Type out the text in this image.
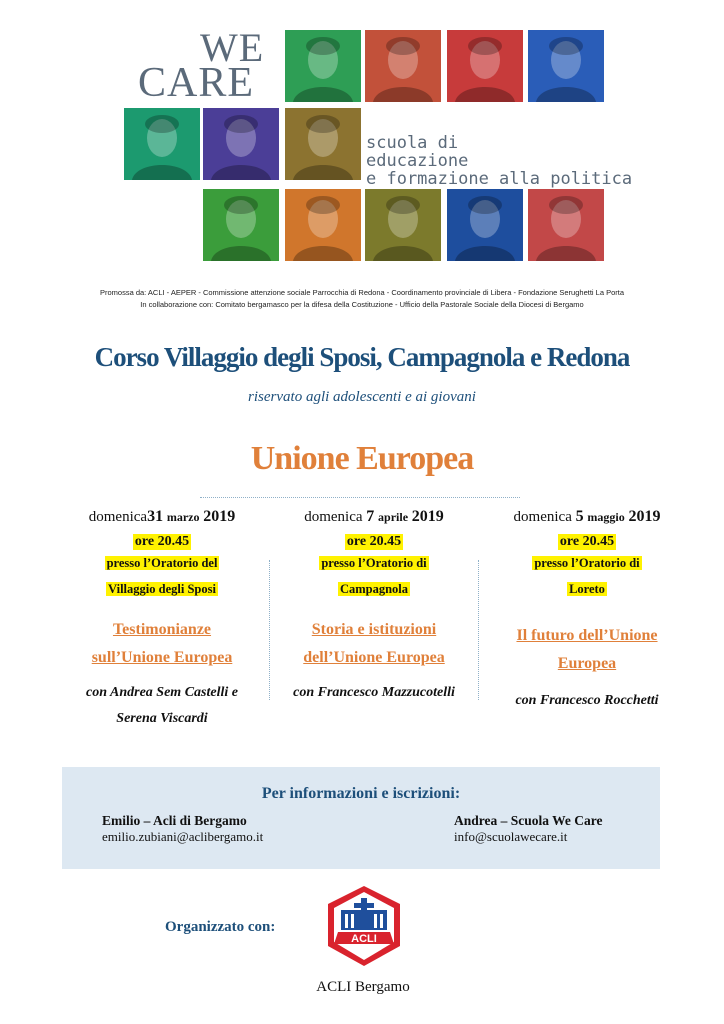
WE
CARE
scuola di
educazione
e formazione alla politica
Promossa da: ACLI - AEPER - Commissione attenzione sociale Parrocchia di Redona - Coordinamento provinciale di Libera - Fondazione Serughetti La Porta
In collaborazione con: Comitato bergamasco per la difesa della Costituzione - Ufficio della Pastorale Sociale della Diocesi di Bergamo
Corso Villaggio degli Sposi, Campagnola e Redona
riservato agli adolescenti e ai giovani
Unione Europea
domenica31 marzo 2019
ore 20.45
presso l’Oratorio del
Villaggio degli Sposi
Testimonianze
sull’Unione Europea
con Andrea Sem Castelli e
Serena Viscardi
domenica 7 aprile 2019
ore 20.45
presso l’Oratorio di
Campagnola
Storia e istituzioni
dell’Unione Europea
con Francesco Mazzucotelli
domenica 5 maggio 2019
ore 20.45
presso l’Oratorio di
Loreto
Il futuro dell’Unione
Europea
con Francesco Rocchetti
Per informazioni e iscrizioni:
Emilio – Acli di Bergamo
emilio.zubiani@aclibergamo.it
Andrea – Scuola We Care
info@scuolawecare.it
Organizzato con:
ACLI
ACLI Bergamo
